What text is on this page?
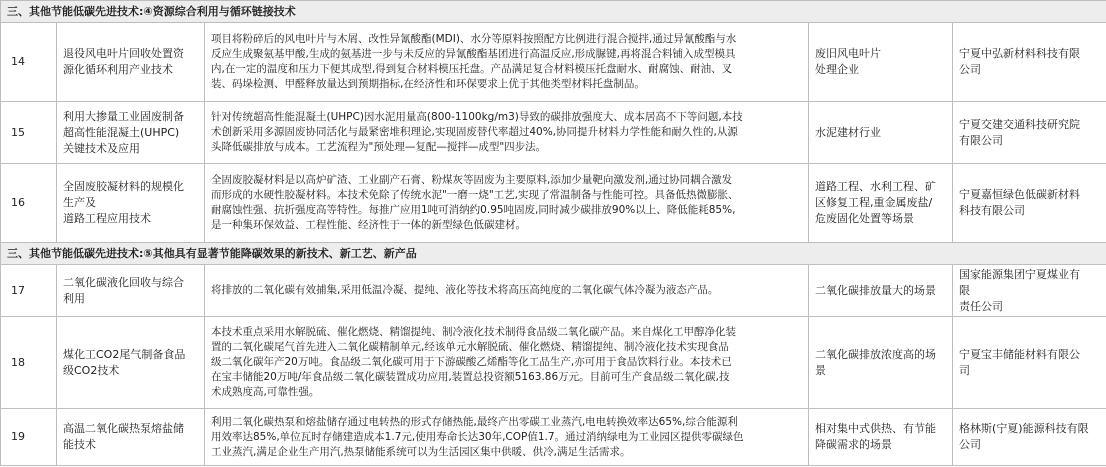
三、其他节能低碳先进技术:④资源综合利用与循环链接技术				
14	退役风电叶片回收处置资
源化循环利用产业技术	项目将粉碎后的风电叶片与木屑、改性异氰酸酯(MDI)、水分等原料按照配方比例进行混合搅拌,通过异氰酸酯与水
反应生成聚氨基甲酸,生成的氨基进一步与未反应的异氰酸酯基团进行高温反应,形成脲键,再将混合料铺入成型模具
内,在一定的温度和压力下便其成型,得到复合材料模压托盘。产品满足复合材料模压托盘耐水、耐腐蚀、耐油、叉
装、码垛检测、甲醛释放量达到预期指标,在经济性和环保要求上优于其他类型材料托盘制品。	废旧风电叶片
处理企业	宁夏中弘新材料科技有限
公司
15	利用大掺量工业固废制备
超高性能混凝土(UHPC)
关键技术及应用	针对传统超高性能混凝土(UHPC)因水泥用量高(800-1100kg/m3)导致的碳排放强度大、成本居高不下等问题,本技
术创新采用多源固废协同活化与最紧密堆积理论,实现固废替代率超过40%,协同提升材料力学性能和耐久性的,从源
头降低碳排放与成本。工艺流程为"预处理—复配—搅拌—成型"四步法。	水泥建材行业	宁夏交建交通科技研究院
有限公司
16	全固废胶凝材料的规模化
生产及
道路工程应用技术	全固废胶凝材料是以高炉矿渣、工业副产石膏、粉煤灰等固废为主要原料,添加少量靶向激发剂,通过协同耦合激发
而形成的水硬性胶凝材料。本技术免除了传统水泥"一磨一烧"工艺,实现了常温制备与性能可控。具备低热微膨胀、
耐腐蚀性强、抗折强度高等特性。每推广应用1吨可消纳约0.95吨固废,同时减少碳排放90%以上、降低能耗85%,
是一种集环保效益、工程性能、经济性于一体的新型绿色低碳建材。	道路工程、水利工程、矿
区修复工程,重金属废盐/
危废固化处置等场景	宁夏嘉恒绿色低碳新材料
科技有限公司
三、其他节能低碳先进技术:⑤其他具有显著节能降碳效果的新技术、新工艺、新产品				
17	二氧化碳液化回收与综合
利用	将排放的二氧化碳有效捕集,采用低温冷凝、提纯、液化等技术将高压高纯度的二氧化碳气体冷凝为液态产品。	二氧化碳排放量大的场景	国家能源集团宁夏煤业有
限
责任公司
18	煤化工CO2尾气制备食品
级CO2技术	本技术重点采用水解脱硫、催化燃烧、精馏提纯、制冷液化技术制得食品级二氧化碳产品。来自煤化工甲醇净化装
置的二氧化碳尾气首先进入二氧化碳精制单元,经该单元水解脱硫、催化燃烧、精馏提纯、制冷液化技术实现食品
级二氧化碳年产20万吨。食品级二氧化碳可用于下游碳酸乙烯酯等化工品生产,亦可用于食品饮料行业。本技术已
在宝丰储能20万吨/年食品级二氧化碳装置成功应用,装置总投资额5163.86万元。目前可生产食品级二氧化碳,技
术成熟度高,可靠性强。	二氧化碳排放浓度高的场
景	宁夏宝丰储能材料有限公
司
19	高温二氧化碳热泵熔盐储
能技术	利用二氧化碳热泵和熔盐储存通过电转热的形式存储热能,最终产出零碳工业蒸汽,电电转换效率达65%,综合能源利
用效率达85%,单位瓦时存储建造成本1.7元,使用寿命长达30年,COP值1.7。通过消纳绿电为工业园区提供零碳绿色
工业蒸汽,满足企业生产用汽,热泵储能系统可以为生活园区集中供暖、供冷,满足生活需求。	相对集中式供热、有节能
降碳需求的场景	格林斯(宁夏)能源科技有限
公司
